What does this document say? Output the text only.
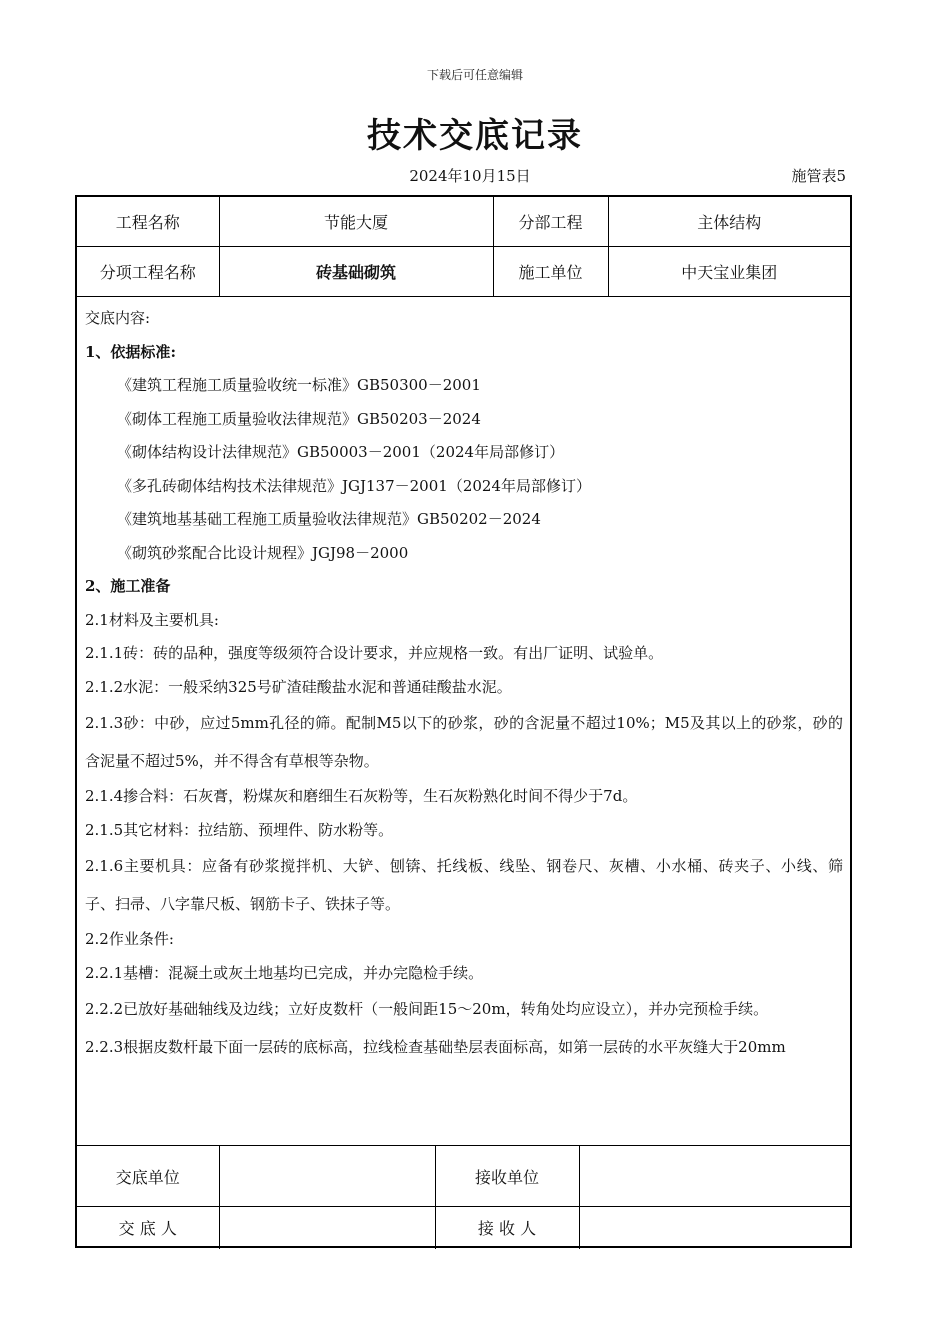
下载后可任意编辑
技术交底记录
2024年10月15日	施管表5
工程名称	节能大厦	分部工程	主体结构
分项工程名称	砖基础砌筑	施工单位	中天宝业集团

交底内容:

1、依据标准:

《建筑工程施工质量验收统一标准》GB50300－2001

《砌体工程施工质量验收法律规范》GB50203－2024

《砌体结构设计法律规范》GB50003－2001（2024年局部修订）

《多孔砖砌体结构技术法律规范》JGJ137－2001（2024年局部修订）

《建筑地基基础工程施工质量验收法律规范》GB50202－2024

《砌筑砂浆配合比设计规程》JGJ98－2000

2、施工准备

2.1材料及主要机具:

2.1.1砖：砖的品种，强度等级须符合设计要求，并应规格一致。有出厂证明、试验单。

2.1.2水泥：一般采纳325号矿渣硅酸盐水泥和普通硅酸盐水泥。

2.1.3砂：中砂，应过5mm孔径的筛。配制M5以下的砂浆，砂的含泥量不超过10%；M5及其以上的砂浆，砂的含泥量不超过5%，并不得含有草根等杂物。

2.1.4掺合料：石灰膏，粉煤灰和磨细生石灰粉等，生石灰粉熟化时间不得少于7d。

2.1.5其它材料：拉结筋、预埋件、防水粉等。

2.1.6主要机具：应备有砂浆搅拌机、大铲、刨锛、托线板、线坠、钢卷尺、灰槽、小水桶、砖夹子、小线、筛子、扫帚、八字靠尺板、钢筋卡子、铁抹子等。

2.2作业条件:

2.2.1基槽：混凝土或灰土地基均已完成，并办完隐检手续。

2.2.2已放好基础轴线及边线；立好皮数杆（一般间距15～20m，转角处均应设立），并办完预检手续。

2.2.3根据皮数杆最下面一层砖的底标高，拉线检查基础垫层表面标高，如第一层砖的水平灰缝大于20mm

交底单位		接收单位	
交 底 人		接 收 人	
